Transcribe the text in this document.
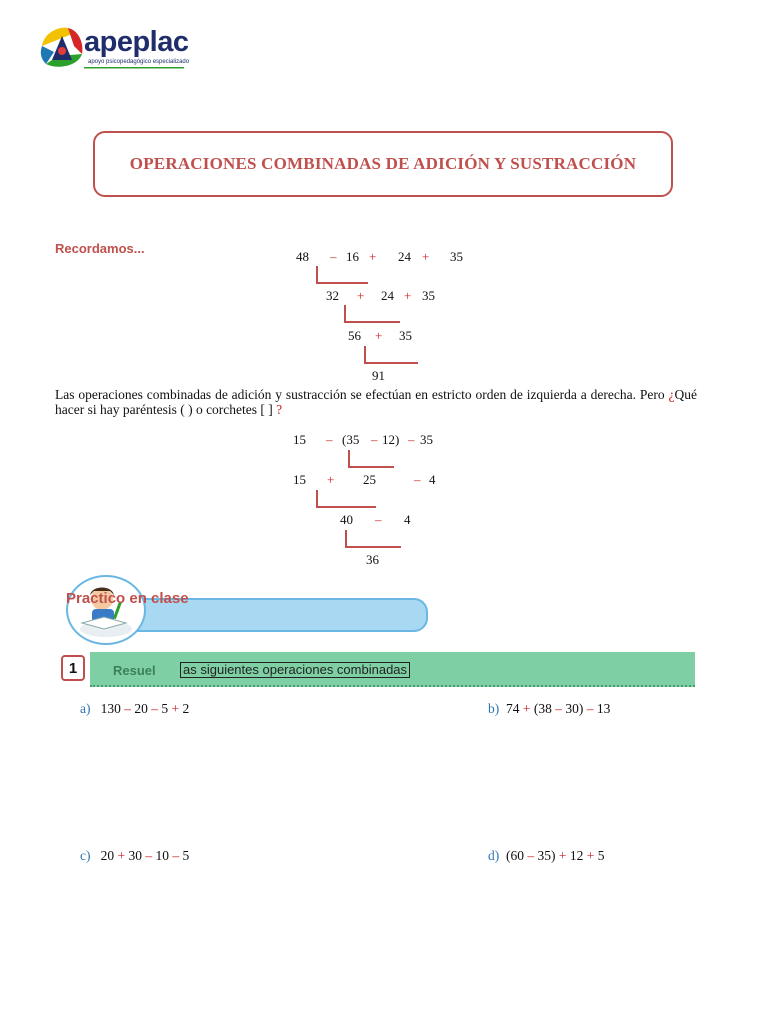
apeplac
apoyo psicopedagógico especializado
OPERACIONES COMBINADAS DE ADICIÓN Y SUSTRACCIÓN
Recordamos...
48 – 16 + 24 + 35
32 + 24 + 35
56 + 35
91
Las operaciones combinadas de adición y sustracción se efectúan en estricto orden de izquierda a derecha. Pero ¿Qué hacer si hay paréntesis ( ) o corchetes [ ] ?
15 – (35 – 12) – 35
15 + 25	– 4
40 – 4
36
Practico en clase
1	Resuel as siguientes operaciones combinadas
a) 130 – 20 – 5 + 2	b) 74 + (38 – 30) – 13
c) 20 + 30 – 10 – 5	d) (60 – 35) + 12 + 5
